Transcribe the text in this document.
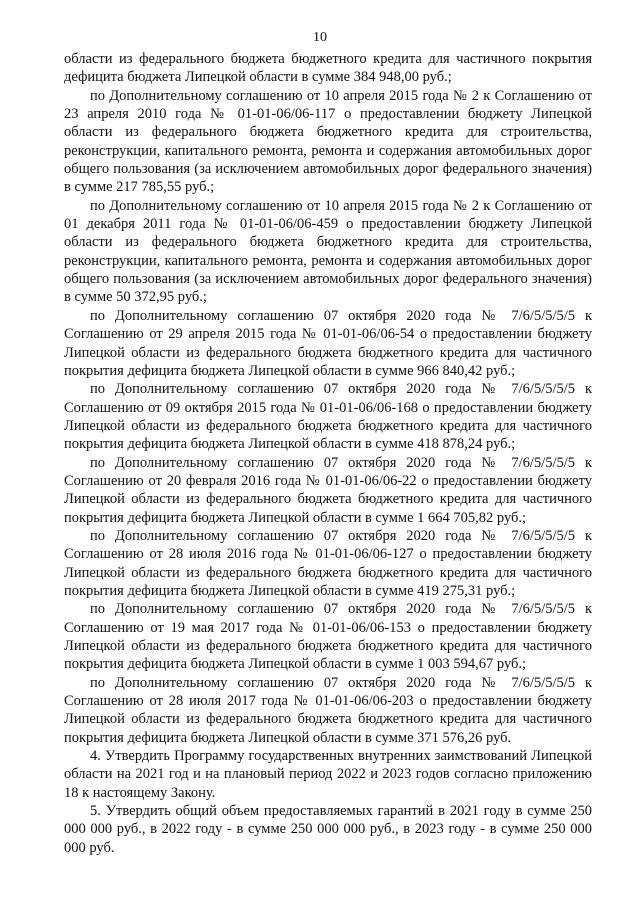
10

области из федерального бюджета бюджетного кредита для частичного покрытия дефицита бюджета Липецкой области в сумме 384 948,00 руб.;

по Дополнительному соглашению от 10 апреля 2015 года № 2 к Соглашению от 23 апреля 2010 года № 01-01-06/06-117 о предоставлении бюджету Липецкой области из федерального бюджета бюджетного кредита для строительства, реконструкции, капитального ремонта, ремонта и содержания автомобильных дорог общего пользования (за исключением автомобильных дорог федерального значения) в сумме 217 785,55 руб.;

по Дополнительному соглашению от 10 апреля 2015 года № 2 к Соглашению от 01 декабря 2011 года № 01-01-06/06-459 о предоставлении бюджету Липецкой области из федерального бюджета бюджетного кредита для строительства, реконструкции, капитального ремонта, ремонта и содержания автомобильных дорог общего пользования (за исключением автомобильных дорог федерального значения) в сумме 50 372,95 руб.;

по Дополнительному соглашению 07 октября 2020 года № 7/6/5/5/5/5 к Соглашению от 29 апреля 2015 года № 01-01-06/06-54 о предоставлении бюджету Липецкой области из федерального бюджета бюджетного кредита для частичного покрытия дефицита бюджета Липецкой области в сумме 966 840,42 руб.;

по Дополнительному соглашению 07 октября 2020 года № 7/6/5/5/5/5 к Соглашению от 09 октября 2015 года № 01-01-06/06-168 о предоставлении бюджету Липецкой области из федерального бюджета бюджетного кредита для частичного покрытия дефицита бюджета Липецкой области в сумме 418 878,24 руб.;

по Дополнительному соглашению 07 октября 2020 года № 7/6/5/5/5/5 к Соглашению от 20 февраля 2016 года № 01-01-06/06-22 о предоставлении бюджету Липецкой области из федерального бюджета бюджетного кредита для частичного покрытия дефицита бюджета Липецкой области в сумме 1 664 705,82 руб.;

по Дополнительному соглашению 07 октября 2020 года № 7/6/5/5/5/5 к Соглашению от 28 июля 2016 года № 01-01-06/06-127 о предоставлении бюджету Липецкой области из федерального бюджета бюджетного кредита для частичного покрытия дефицита бюджета Липецкой области в сумме 419 275,31 руб.;

по Дополнительному соглашению 07 октября 2020 года № 7/6/5/5/5/5 к Соглашению от 19 мая 2017 года № 01-01-06/06-153 о предоставлении бюджету Липецкой области из федерального бюджета бюджетного кредита для частичного покрытия дефицита бюджета Липецкой области в сумме 1 003 594,67 руб.;

по Дополнительному соглашению 07 октября 2020 года № 7/6/5/5/5/5 к Соглашению от 28 июля 2017 года № 01-01-06/06-203 о предоставлении бюджету Липецкой области из федерального бюджета бюджетного кредита для частичного покрытия дефицита бюджета Липецкой области в сумме 371 576,26 руб.

4. Утвердить Программу государственных внутренних заимствований Липецкой области на 2021 год и на плановый период 2022 и 2023 годов согласно приложению 18 к настоящему Закону.

5. Утвердить общий объем предоставляемых гарантий в 2021 году в сумме 250 000 000 руб., в 2022 году - в сумме 250 000 000 руб., в 2023 году - в сумме 250 000 000 руб.
